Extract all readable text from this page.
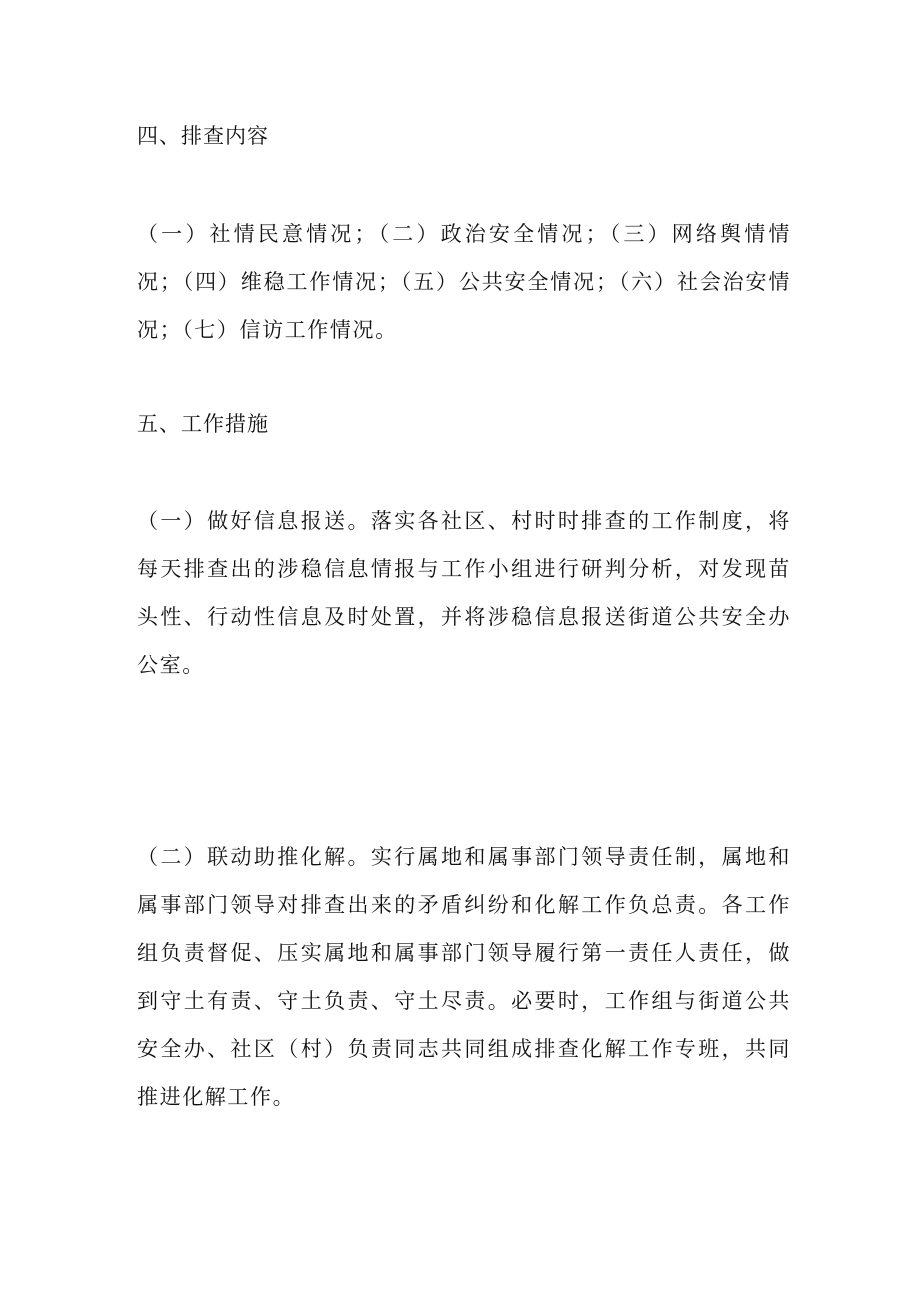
四、排查内容

（一）社情民意情况；（二）政治安全情况；（三）网络舆情情况；（四）维稳工作情况；（五）公共安全情况；（六）社会治安情况；（七）信访工作情况。

五、工作措施

（一）做好信息报送。落实各社区、村时时排查的工作制度，将每天排查出的涉稳信息情报与工作小组进行研判分析，对发现苗头性、行动性信息及时处置，并将涉稳信息报送街道公共安全办公室。

（二）联动助推化解。实行属地和属事部门领导责任制，属地和属事部门领导对排查出来的矛盾纠纷和化解工作负总责。各工作组负责督促、压实属地和属事部门领导履行第一责任人责任，做到守土有责、守土负责、守土尽责。必要时，工作组与街道公共安全办、社区（村）负责同志共同组成排查化解工作专班，共同推进化解工作。
